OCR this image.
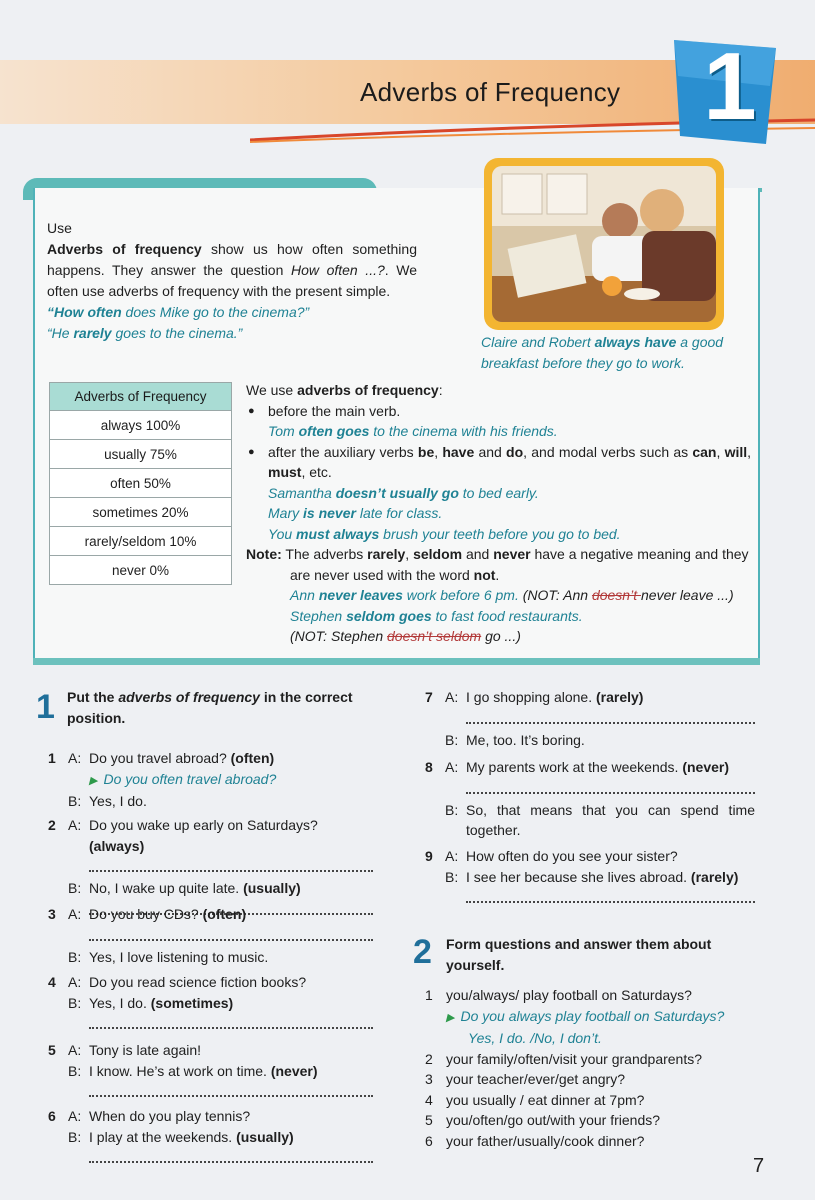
Adverbs of Frequency 1

Use

Adverbs of frequency show us how often something happens. They answer the question How often ...?. We often use adverbs of frequency with the present simple.

“How often does Mike go to the cinema?”

“He rarely goes to the cinema.”

Claire and Robert always have a good breakfast before they go to work.
Adverbs of Frequency
always 100%
usually 75%
often 50%
sometimes 20%
rarely/seldom 10%
never 0%
We use adverbs of frequency:
● before the main verb.
Tom often goes to the cinema with his friends.
● after the auxiliary verbs be, have and do, and modal verbs such as can, will, must, etc.
Samantha doesn’t usually go to bed early.
Mary is never late for class.
You must always brush your teeth before you go to bed.
Note: The adverbs rarely, seldom and never have a negative meaning and they
are never used with the word not.
Ann never leaves work before 6 pm. (NOT: Ann doesn’t never leave ...)
Stephen seldom goes to fast food restaurants.
(NOT: Stephen doesn’t seldom go ...)
1 Put the adverbs of frequency in the correct position.
1 A: Do you travel abroad? (often)
▶ Do you often travel abroad?
B: Yes, I do.
2 A: Do you wake up early on Saturdays? (always)
B: No, I wake up quite late. (usually)
3 A: Do you buy CDs? (often)
B: Yes, I love listening to music.
4 A: Do you read science fiction books?
B: Yes, I do. (sometimes)
5 A: Tony is late again!
B: I know. He’s at work on time. (never)
6 A: When do you play tennis?
B: I play at the weekends. (usually)
7 A: I go shopping alone. (rarely)
B: Me, too. It’s boring.
8 A: My parents work at the weekends. (never)
B: So, that means that you can spend time together.
9 A: How often do you see your sister?
B: I see her because she lives abroad. (rarely)
2 Form questions and answer them about yourself.
1 you/always/ play football on Saturdays?
▶ Do you always play football on Saturdays?
Yes, I do. /No, I don’t.
2 your family/often/visit your grandparents?
3 your teacher/ever/get angry?
4 you usually / eat dinner at 7pm?
5 you/often/go out/with your friends?
6 your father/usually/cook dinner?
7
